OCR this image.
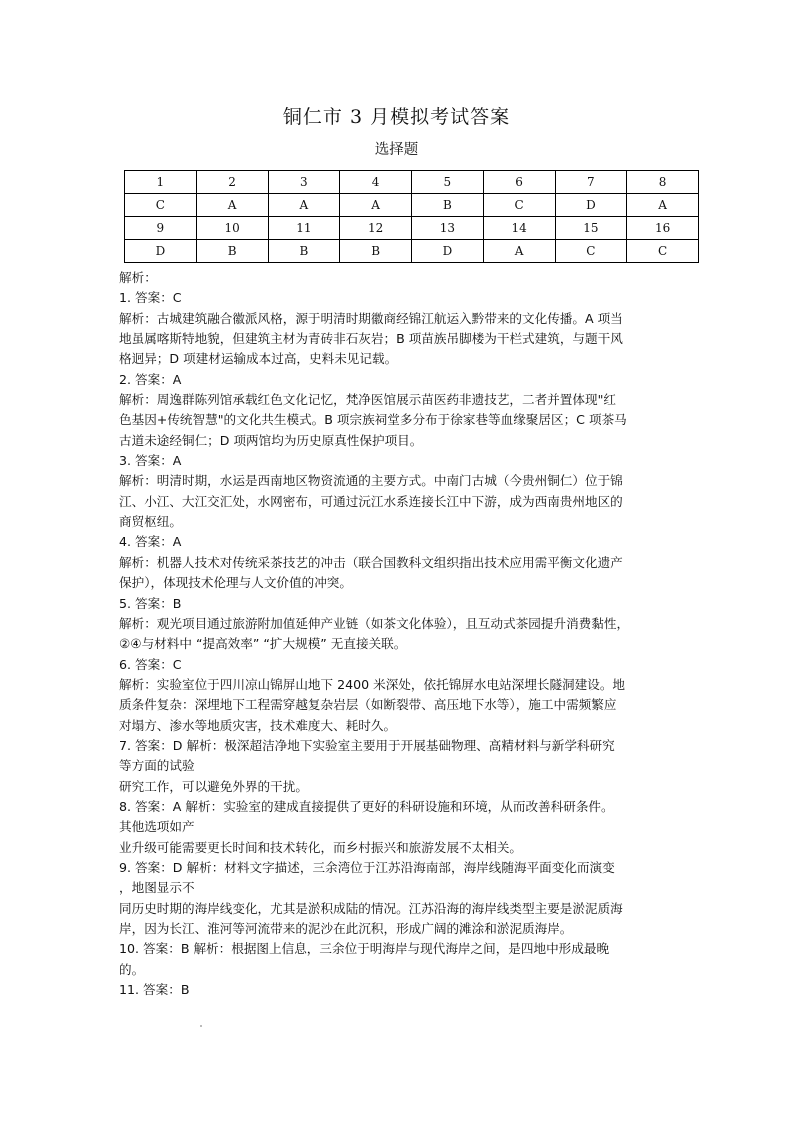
铜仁市 3 月模拟考试答案
选择题
1	2	3	4	5	6	7	8
C	A	A	A	B	C	D	A
9	10	11	12	13	14	15	16
D	B	B	B	D	A	C	C

解析：

1. 答案：C

解析：古城建筑融合徽派风格，源于明清时期徽商经锦江航运入黔带来的文化传播。A 项当

地虽属喀斯特地貌，但建筑主材为青砖非石灰岩；B 项苗族吊脚楼为干栏式建筑，与题干风

格迥异；D 项建材运输成本过高，史料未见记载。

2. 答案：A

解析：周逸群陈列馆承载红色文化记忆，梵净医馆展示苗医药非遗技艺，二者并置体现"红

色基因+传统智慧"的文化共生模式。B 项宗族祠堂多分布于徐家巷等血缘聚居区；C 项茶马

古道未途经铜仁；D 项两馆均为历史原真性保护项目。

3. 答案：A

解析：明清时期，水运是西南地区物资流通的主要方式。中南门古城（今贵州铜仁）位于锦

江、小江、大江交汇处，水网密布，可通过沅江水系连接长江中下游，成为西南贵州地区的

商贸枢纽。

4. 答案：A

解析：机器人技术对传统采茶技艺的冲击（联合国教科文组织指出技术应用需平衡文化遗产

保护），体现技术伦理与人文价值的冲突。

5. 答案：B

解析：观光项目通过旅游附加值延伸产业链（如茶文化体验），且互动式茶园提升消费黏性，

②④与材料中 “提高效率” “扩大规模” 无直接关联。

6. 答案：C

解析：实验室位于四川凉山锦屏山地下 2400 米深处，依托锦屏水电站深埋长隧洞建设。地

质条件复杂：深埋地下工程需穿越复杂岩层（如断裂带、高压地下水等），施工中需频繁应

对塌方、渗水等地质灾害，技术难度大、耗时久。

7. 答案：D 解析：极深超洁净地下实验室主要用于开展基础物理、高精材料与新学科研究

等方面的试验

研究工作，可以避免外界的干扰。

8. 答案：A 解析：实验室的建成直接提供了更好的科研设施和环境，从而改善科研条件。

其他选项如产

业升级可能需要更长时间和技术转化，而乡村振兴和旅游发展不太相关。

9. 答案：D 解析：材料文字描述，三余湾位于江苏沿海南部，海岸线随海平面变化而演变

，地图显示不

同历史时期的海岸线变化，尤其是淤积成陆的情况。江苏沿海的海岸线类型主要是淤泥质海

岸，因为长江、淮河等河流带来的泥沙在此沉积，形成广阔的滩涂和淤泥质海岸。

10. 答案：B 解析：根据图上信息，三余位于明海岸与现代海岸之间，是四地中形成最晚

的。

11. 答案：B
